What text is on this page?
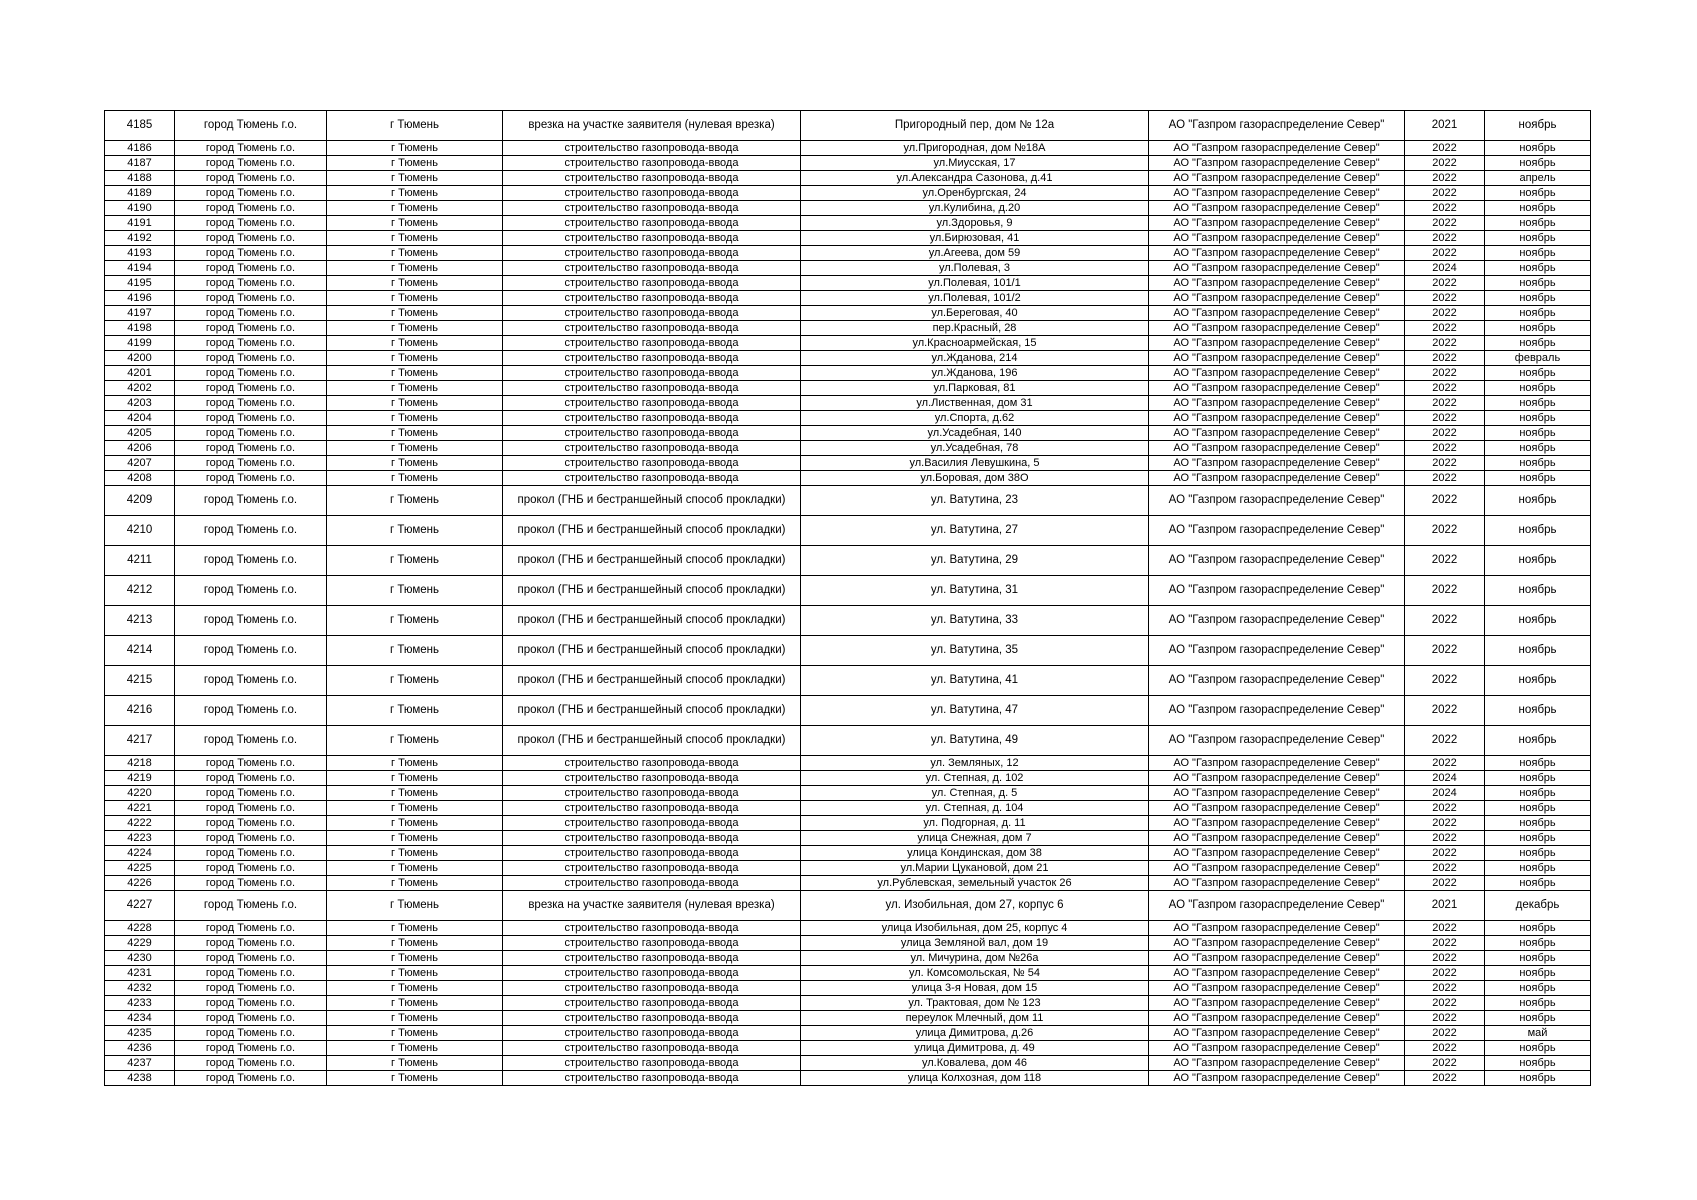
4185	город Тюмень г.о.	г Тюмень	врезка на участке заявителя (нулевая врезка)	Пригородный пер, дом № 12а	АО "Газпром газораспределение Север"	2021	ноябрь
4186	город Тюмень г.о.	г Тюмень	строительство газопровода-ввода	ул.Пригородная, дом №18А	АО "Газпром газораспределение Север"	2022	ноябрь
4187	город Тюмень г.о.	г Тюмень	строительство газопровода-ввода	ул.Миусская, 17	АО "Газпром газораспределение Север"	2022	ноябрь
4188	город Тюмень г.о.	г Тюмень	строительство газопровода-ввода	ул.Александра Сазонова, д.41	АО "Газпром газораспределение Север"	2022	апрель
4189	город Тюмень г.о.	г Тюмень	строительство газопровода-ввода	ул.Оренбургская, 24	АО "Газпром газораспределение Север"	2022	ноябрь
4190	город Тюмень г.о.	г Тюмень	строительство газопровода-ввода	ул.Кулибина, д.20	АО "Газпром газораспределение Север"	2022	ноябрь
4191	город Тюмень г.о.	г Тюмень	строительство газопровода-ввода	ул.Здоровья, 9	АО "Газпром газораспределение Север"	2022	ноябрь
4192	город Тюмень г.о.	г Тюмень	строительство газопровода-ввода	ул.Бирюзовая, 41	АО "Газпром газораспределение Север"	2022	ноябрь
4193	город Тюмень г.о.	г Тюмень	строительство газопровода-ввода	ул.Агеева, дом 59	АО "Газпром газораспределение Север"	2022	ноябрь
4194	город Тюмень г.о.	г Тюмень	строительство газопровода-ввода	ул.Полевая, 3	АО "Газпром газораспределение Север"	2024	ноябрь
4195	город Тюмень г.о.	г Тюмень	строительство газопровода-ввода	ул.Полевая, 101/1	АО "Газпром газораспределение Север"	2022	ноябрь
4196	город Тюмень г.о.	г Тюмень	строительство газопровода-ввода	ул.Полевая, 101/2	АО "Газпром газораспределение Север"	2022	ноябрь
4197	город Тюмень г.о.	г Тюмень	строительство газопровода-ввода	ул.Береговая, 40	АО "Газпром газораспределение Север"	2022	ноябрь
4198	город Тюмень г.о.	г Тюмень	строительство газопровода-ввода	пер.Красный, 28	АО "Газпром газораспределение Север"	2022	ноябрь
4199	город Тюмень г.о.	г Тюмень	строительство газопровода-ввода	ул.Красноармейская, 15	АО "Газпром газораспределение Север"	2022	ноябрь
4200	город Тюмень г.о.	г Тюмень	строительство газопровода-ввода	ул.Жданова, 214	АО "Газпром газораспределение Север"	2022	февраль
4201	город Тюмень г.о.	г Тюмень	строительство газопровода-ввода	ул.Жданова, 196	АО "Газпром газораспределение Север"	2022	ноябрь
4202	город Тюмень г.о.	г Тюмень	строительство газопровода-ввода	ул.Парковая, 81	АО "Газпром газораспределение Север"	2022	ноябрь
4203	город Тюмень г.о.	г Тюмень	строительство газопровода-ввода	ул.Лиственная, дом 31	АО "Газпром газораспределение Север"	2022	ноябрь
4204	город Тюмень г.о.	г Тюмень	строительство газопровода-ввода	ул.Спорта, д.62	АО "Газпром газораспределение Север"	2022	ноябрь
4205	город Тюмень г.о.	г Тюмень	строительство газопровода-ввода	ул.Усадебная, 140	АО "Газпром газораспределение Север"	2022	ноябрь
4206	город Тюмень г.о.	г Тюмень	строительство газопровода-ввода	ул.Усадебная, 78	АО "Газпром газораспределение Север"	2022	ноябрь
4207	город Тюмень г.о.	г Тюмень	строительство газопровода-ввода	ул.Василия Левушкина, 5	АО "Газпром газораспределение Север"	2022	ноябрь
4208	город Тюмень г.о.	г Тюмень	строительство газопровода-ввода	ул.Боровая, дом 38О	АО "Газпром газораспределение Север"	2022	ноябрь
4209	город Тюмень г.о.	г Тюмень	прокол (ГНБ и бестраншейный способ прокладки)	ул. Ватутина, 23	АО "Газпром газораспределение Север"	2022	ноябрь
4210	город Тюмень г.о.	г Тюмень	прокол (ГНБ и бестраншейный способ прокладки)	ул. Ватутина, 27	АО "Газпром газораспределение Север"	2022	ноябрь
4211	город Тюмень г.о.	г Тюмень	прокол (ГНБ и бестраншейный способ прокладки)	ул. Ватутина, 29	АО "Газпром газораспределение Север"	2022	ноябрь
4212	город Тюмень г.о.	г Тюмень	прокол (ГНБ и бестраншейный способ прокладки)	ул. Ватутина, 31	АО "Газпром газораспределение Север"	2022	ноябрь
4213	город Тюмень г.о.	г Тюмень	прокол (ГНБ и бестраншейный способ прокладки)	ул. Ватутина, 33	АО "Газпром газораспределение Север"	2022	ноябрь
4214	город Тюмень г.о.	г Тюмень	прокол (ГНБ и бестраншейный способ прокладки)	ул. Ватутина, 35	АО "Газпром газораспределение Север"	2022	ноябрь
4215	город Тюмень г.о.	г Тюмень	прокол (ГНБ и бестраншейный способ прокладки)	ул. Ватутина, 41	АО "Газпром газораспределение Север"	2022	ноябрь
4216	город Тюмень г.о.	г Тюмень	прокол (ГНБ и бестраншейный способ прокладки)	ул. Ватутина, 47	АО "Газпром газораспределение Север"	2022	ноябрь
4217	город Тюмень г.о.	г Тюмень	прокол (ГНБ и бестраншейный способ прокладки)	ул. Ватутина, 49	АО "Газпром газораспределение Север"	2022	ноябрь
4218	город Тюмень г.о.	г Тюмень	строительство газопровода-ввода	ул. Земляных, 12	АО "Газпром газораспределение Север"	2022	ноябрь
4219	город Тюмень г.о.	г Тюмень	строительство газопровода-ввода	ул. Степная, д. 102	АО "Газпром газораспределение Север"	2024	ноябрь
4220	город Тюмень г.о.	г Тюмень	строительство газопровода-ввода	ул. Степная, д. 5	АО "Газпром газораспределение Север"	2024	ноябрь
4221	город Тюмень г.о.	г Тюмень	строительство газопровода-ввода	ул. Степная, д. 104	АО "Газпром газораспределение Север"	2022	ноябрь
4222	город Тюмень г.о.	г Тюмень	строительство газопровода-ввода	ул. Подгорная, д. 11	АО "Газпром газораспределение Север"	2022	ноябрь
4223	город Тюмень г.о.	г Тюмень	строительство газопровода-ввода	улица Снежная, дом 7	АО "Газпром газораспределение Север"	2022	ноябрь
4224	город Тюмень г.о.	г Тюмень	строительство газопровода-ввода	улица Кондинская, дом 38	АО "Газпром газораспределение Север"	2022	ноябрь
4225	город Тюмень г.о.	г Тюмень	строительство газопровода-ввода	ул.Марии Цукановой, дом 21	АО "Газпром газораспределение Север"	2022	ноябрь
4226	город Тюмень г.о.	г Тюмень	строительство газопровода-ввода	ул.Рублевская, земельный участок 26	АО "Газпром газораспределение Север"	2022	ноябрь
4227	город Тюмень г.о.	г Тюмень	врезка на участке заявителя (нулевая врезка)	ул. Изобильная, дом 27, корпус 6	АО "Газпром газораспределение Север"	2021	декабрь
4228	город Тюмень г.о.	г Тюмень	строительство газопровода-ввода	улица Изобильная, дом 25, корпус 4	АО "Газпром газораспределение Север"	2022	ноябрь
4229	город Тюмень г.о.	г Тюмень	строительство газопровода-ввода	улица Земляной вал, дом 19	АО "Газпром газораспределение Север"	2022	ноябрь
4230	город Тюмень г.о.	г Тюмень	строительство газопровода-ввода	ул. Мичурина, дом №26а	АО "Газпром газораспределение Север"	2022	ноябрь
4231	город Тюмень г.о.	г Тюмень	строительство газопровода-ввода	ул. Комсомольская, № 54	АО "Газпром газораспределение Север"	2022	ноябрь
4232	город Тюмень г.о.	г Тюмень	строительство газопровода-ввода	улица 3-я Новая, дом 15	АО "Газпром газораспределение Север"	2022	ноябрь
4233	город Тюмень г.о.	г Тюмень	строительство газопровода-ввода	ул. Трактовая, дом № 123	АО "Газпром газораспределение Север"	2022	ноябрь
4234	город Тюмень г.о.	г Тюмень	строительство газопровода-ввода	переулок Млечный, дом 11	АО "Газпром газораспределение Север"	2022	ноябрь
4235	город Тюмень г.о.	г Тюмень	строительство газопровода-ввода	улица Димитрова, д.26	АО "Газпром газораспределение Север"	2022	май
4236	город Тюмень г.о.	г Тюмень	строительство газопровода-ввода	улица Димитрова, д. 49	АО "Газпром газораспределение Север"	2022	ноябрь
4237	город Тюмень г.о.	г Тюмень	строительство газопровода-ввода	ул.Ковалева, дом 46	АО "Газпром газораспределение Север"	2022	ноябрь
4238	город Тюмень г.о.	г Тюмень	строительство газопровода-ввода	улица Колхозная, дом 118	АО "Газпром газораспределение Север"	2022	ноябрь
